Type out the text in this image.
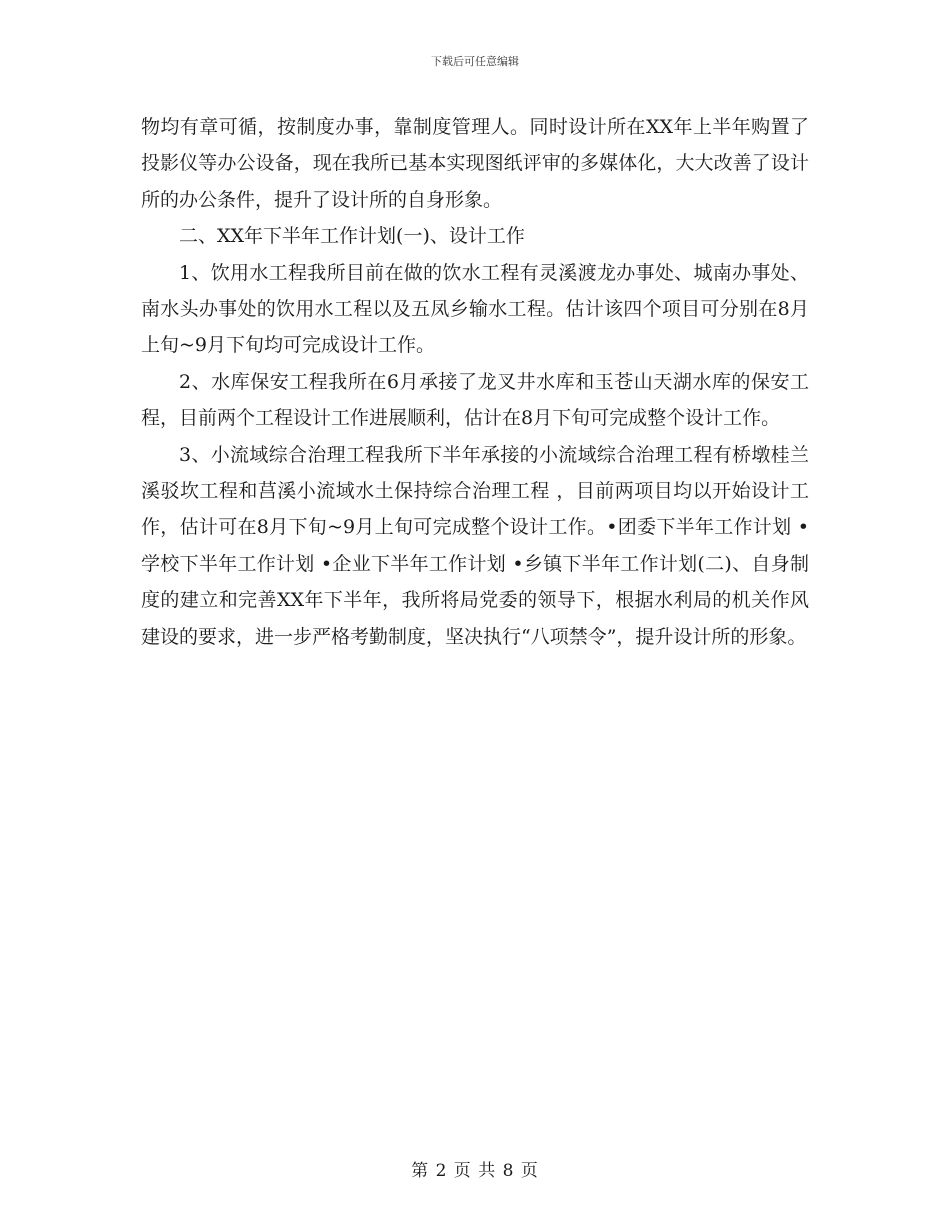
下载后可任意编辑

物均有章可循，按制度办事，靠制度管理人。同时设计所在XX年上半年购置了投影仪等办公设备，现在我所已基本实现图纸评审的多媒体化，大大改善了设计所的办公条件，提升了设计所的自身形象。

二、XX年下半年工作计划(一)、设计工作

1、饮用水工程我所目前在做的饮水工程有灵溪渡龙办事处、城南办事处、南水头办事处的饮用水工程以及五凤乡输水工程。估计该四个项目可分别在8月上旬~9月下旬均可完成设计工作。

2、水库保安工程我所在6月承接了龙叉井水库和玉苍山天湖水库的保安工程，目前两个工程设计工作进展顺利，估计在8月下旬可完成整个设计工作。

3、小流域综合治理工程我所下半年承接的小流域综合治理工程有桥墩桂兰溪驳坎工程和莒溪小流域水土保持综合治理工程 ，目前两项目均以开始设计工作，估计可在8月下旬~9月上旬可完成整个设计工作。•团委下半年工作计划 •学校下半年工作计划 •企业下半年工作计划 •乡镇下半年工作计划(二)、自身制度的建立和完善XX年下半年，我所将局党委的领导下，根据水利局的机关作风建设的要求，进一步严格考勤制度，坚决执行“八项禁令”，提升设计所的形象。

第 2 页 共 8 页
